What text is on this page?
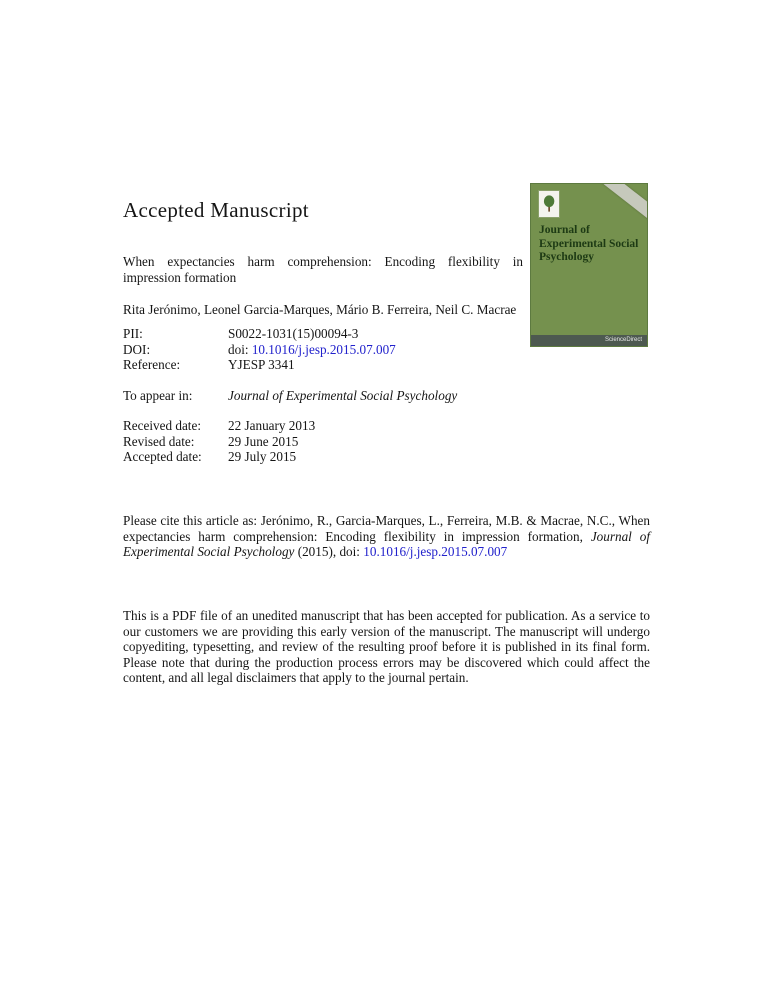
Accepted Manuscript
Journal of Experimental Social Psychology
ScienceDirect
When expectancies harm comprehension: Encoding flexibility in impression formation
Rita Jerónimo, Leonel Garcia-Marques, Mário B. Ferreira, Neil C. Macrae
PII:	S0022-1031(15)00094-3
DOI:	doi: 10.1016/j.jesp.2015.07.007
Reference:	YJESP 3341
To appear in:	Journal of Experimental Social Psychology
Received date:	22 January 2013
Revised date:	29 June 2015
Accepted date:	29 July 2015
Please cite this article as: Jerónimo, R., Garcia-Marques, L., Ferreira, M.B. & Macrae, N.C., When expectancies harm comprehension: Encoding flexibility in impression formation, Journal of Experimental Social Psychology (2015), doi: 10.1016/j.jesp.2015.07.007
This is a PDF file of an unedited manuscript that has been accepted for publication. As a service to our customers we are providing this early version of the manuscript. The manuscript will undergo copyediting, typesetting, and review of the resulting proof before it is published in its final form. Please note that during the production process errors may be discovered which could affect the content, and all legal disclaimers that apply to the journal pertain.
